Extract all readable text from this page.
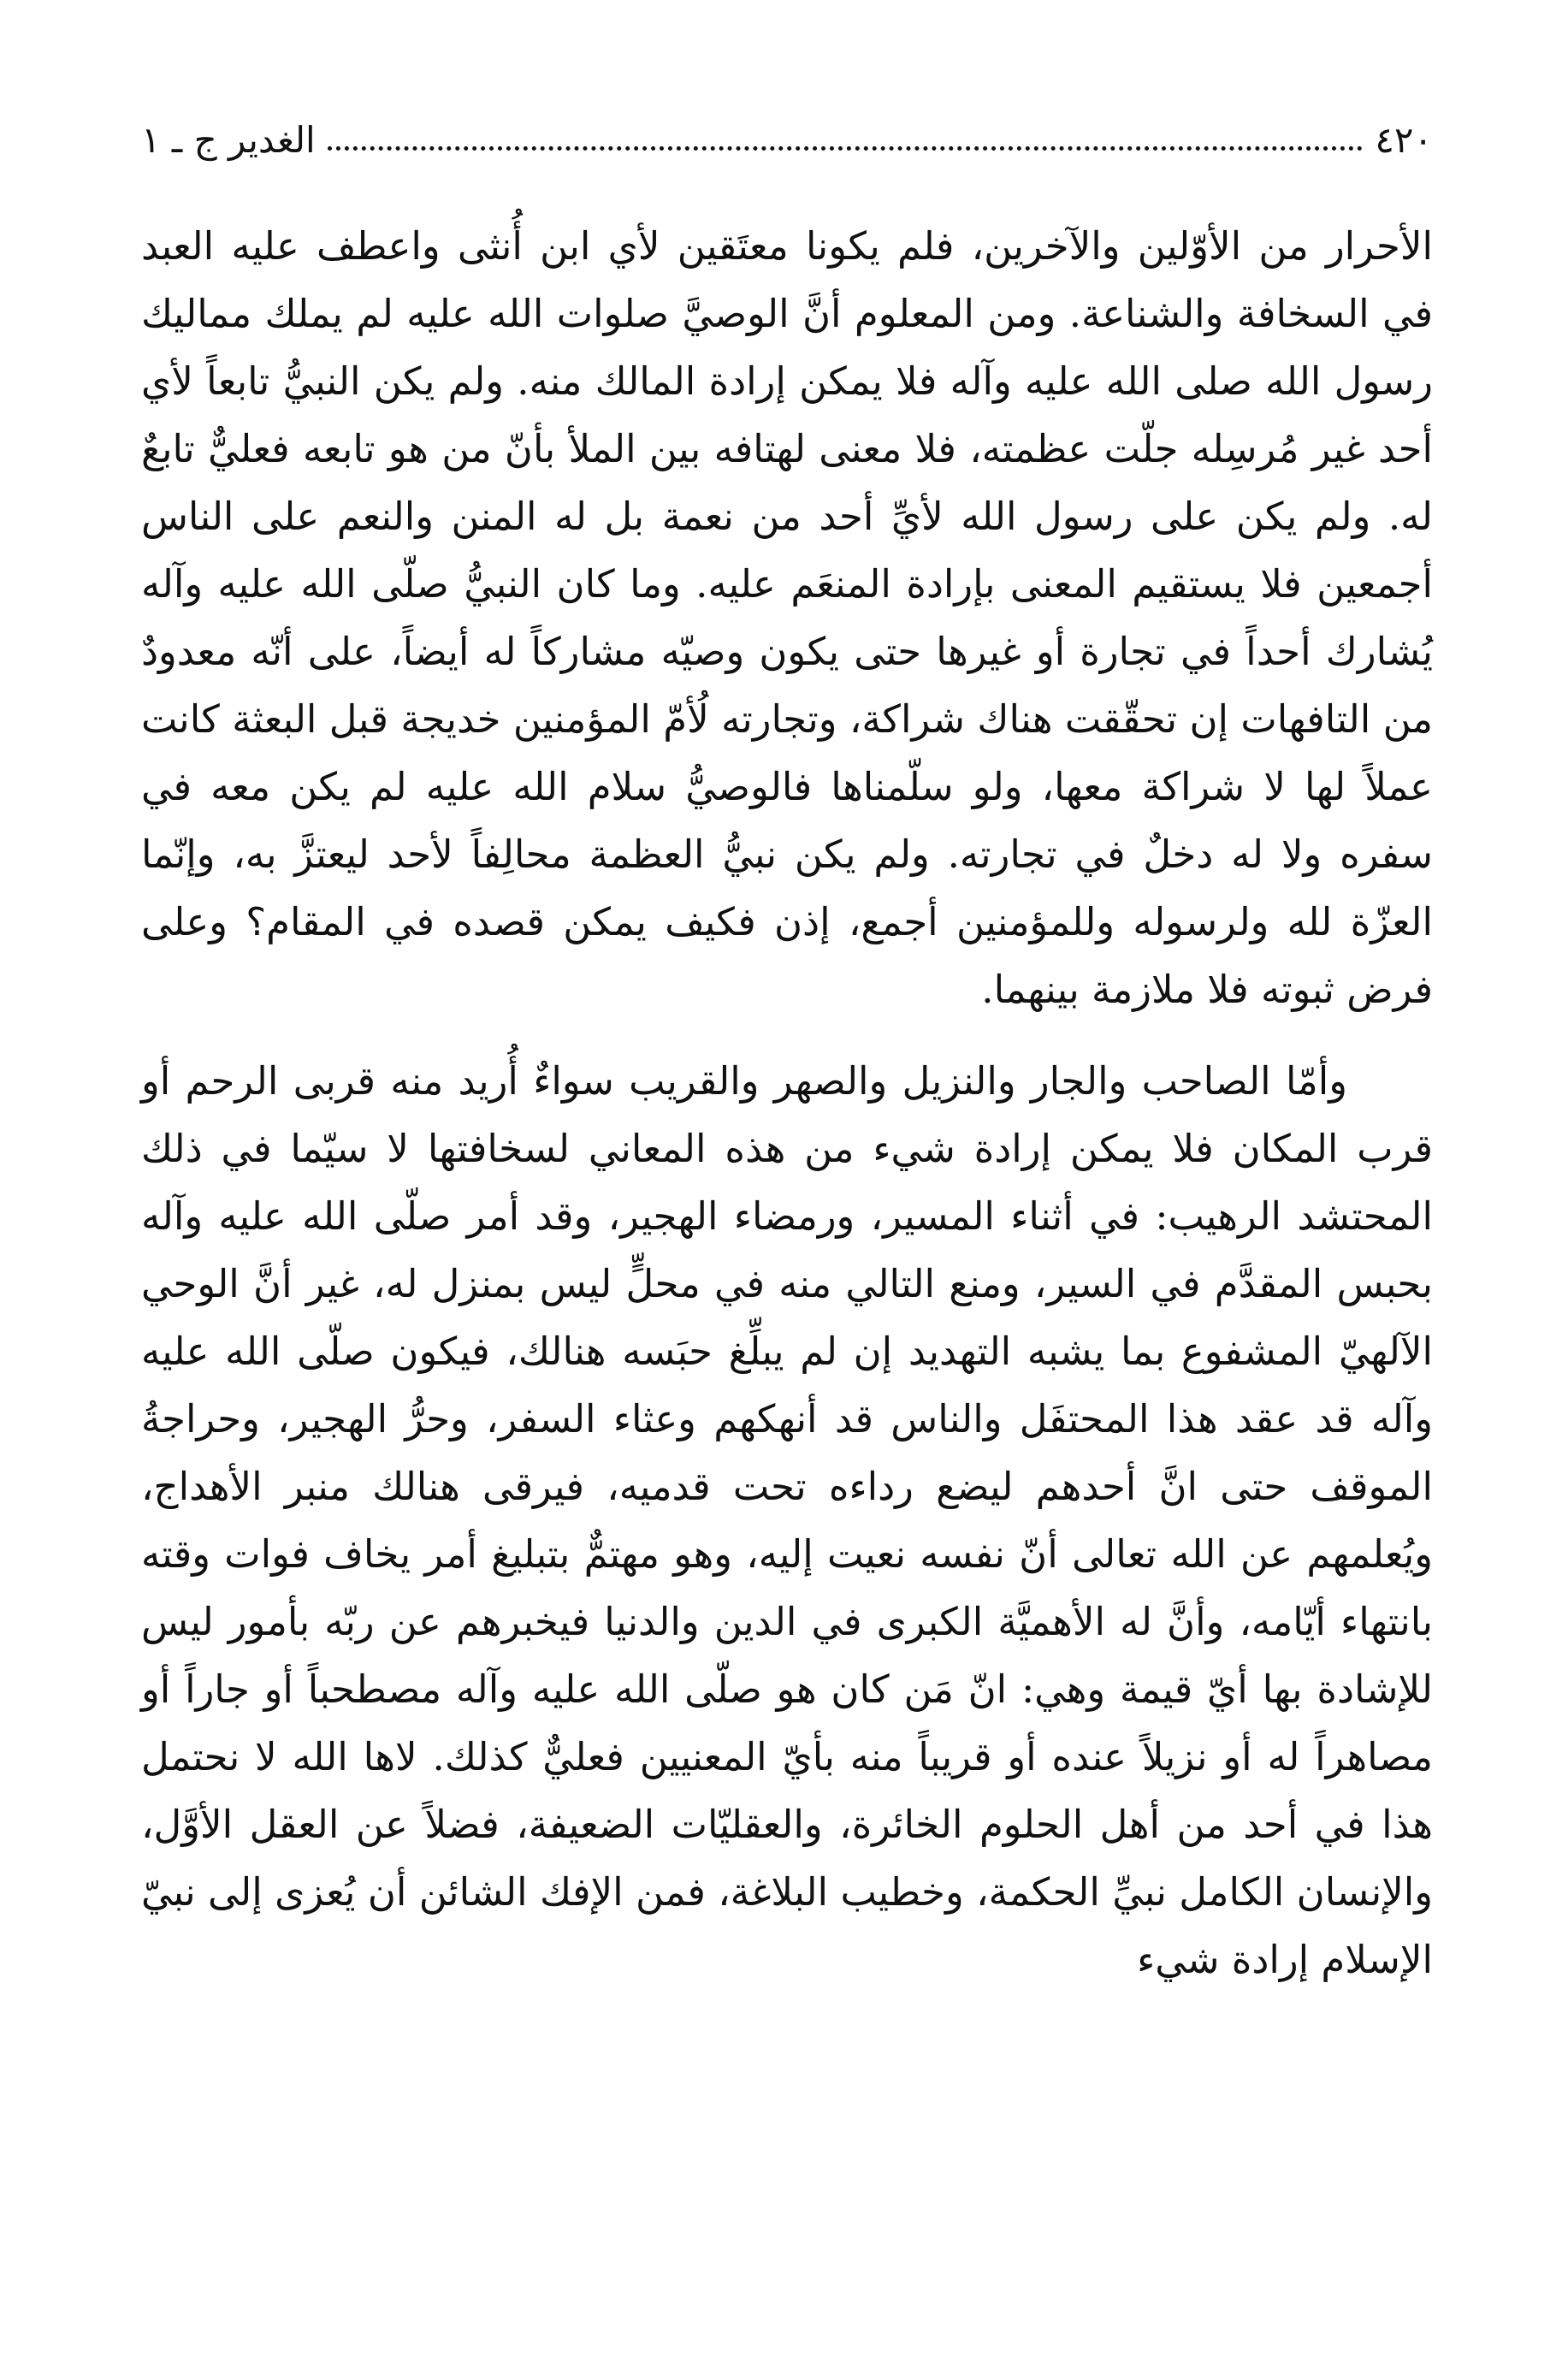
الغدير ج ـ ١	٤٢٠

الأحرار من الأوّلين والآخرين، فلم يكونا معتَقين لأي ابن أُنثى واعطف عليه العبد في السخافة والشناعة. ومن المعلوم أنَّ الوصيَّ صلوات الله عليه لم يملك مماليك رسول الله صلى الله عليه وآله فلا يمكن إرادة المالك منه. ولم يكن النبيُّ تابعاً لأي أحد غير مُرسِله جلّت عظمته، فلا معنى لهتافه بين الملأ بأنّ من هو تابعه فعليٌّ تابعٌ له. ولم يكن على رسول الله لأيِّ أحد من نعمة بل له المنن والنعم على الناس أجمعين فلا يستقيم المعنى بإرادة المنعَم عليه. وما كان النبيُّ صلّى الله عليه وآله يُشارك أحداً في تجارة أو غيرها حتى يكون وصيّه مشاركاً له أيضاً، على أنّه معدودٌ من التافهات إن تحقّقت هناك شراكة، وتجارته لُأمّ المؤمنين خديجة قبل البعثة كانت عملاً لها لا شراكة معها، ولو سلّمناها فالوصيُّ سلام الله عليه لم يكن معه في سفره ولا له دخلٌ في تجارته. ولم يكن نبيُّ العظمة محالِفاً لأحد ليعتزَّ به، وإنّما العزّة لله ولرسوله وللمؤمنين أجمع، إذن فكيف يمكن قصده في المقام؟ وعلى فرض ثبوته فلا ملازمة بينهما.

وأمّا الصاحب والجار والنزيل والصهر والقريب سواءٌ أُريد منه قربى الرحم أو قرب المكان فلا يمكن إرادة شيء من هذه المعاني لسخافتها لا سيّما في ذلك المحتشد الرهيب: في أثناء المسير، ورمضاء الهجير، وقد أمر صلّى الله عليه وآله بحبس المقدَّم في السير، ومنع التالي منه في محلٍّ ليس بمنزل له، غير أنَّ الوحي الآلهيّ المشفوع بما يشبه التهديد إن لم يبلِّغ حبَسه هنالك، فيكون صلّى الله عليه وآله قد عقد هذا المحتفَل والناس قد أنهكهم وعثاء السفر، وحرُّ الهجير، وحراجةُ الموقف حتى انَّ أحدهم ليضع رداءه تحت قدميه، فيرقى هنالك منبر الأهداج، ويُعلمهم عن الله تعالى أنّ نفسه نعيت إليه، وهو مهتمٌّ بتبليغ أمر يخاف فوات وقته بانتهاء أيّامه، وأنَّ له الأهميَّة الكبرى في الدين والدنيا فيخبرهم عن ربّه بأمور ليس للإشادة بها أيّ قيمة وهي: انّ مَن كان هو صلّى الله عليه وآله مصطحباً أو جاراً أو مصاهراً له أو نزيلاً عنده أو قريباً منه بأيّ المعنيين فعليٌّ كذلك. لاها الله لا نحتمل هذا في أحد من أهل الحلوم الخائرة، والعقليّات الضعيفة، فضلاً عن العقل الأوَّل، والإنسان الكامل نبيِّ الحكمة، وخطيب البلاغة، فمن الإفك الشائن أن يُعزى إلى نبيّ الإسلام إرادة شيء
